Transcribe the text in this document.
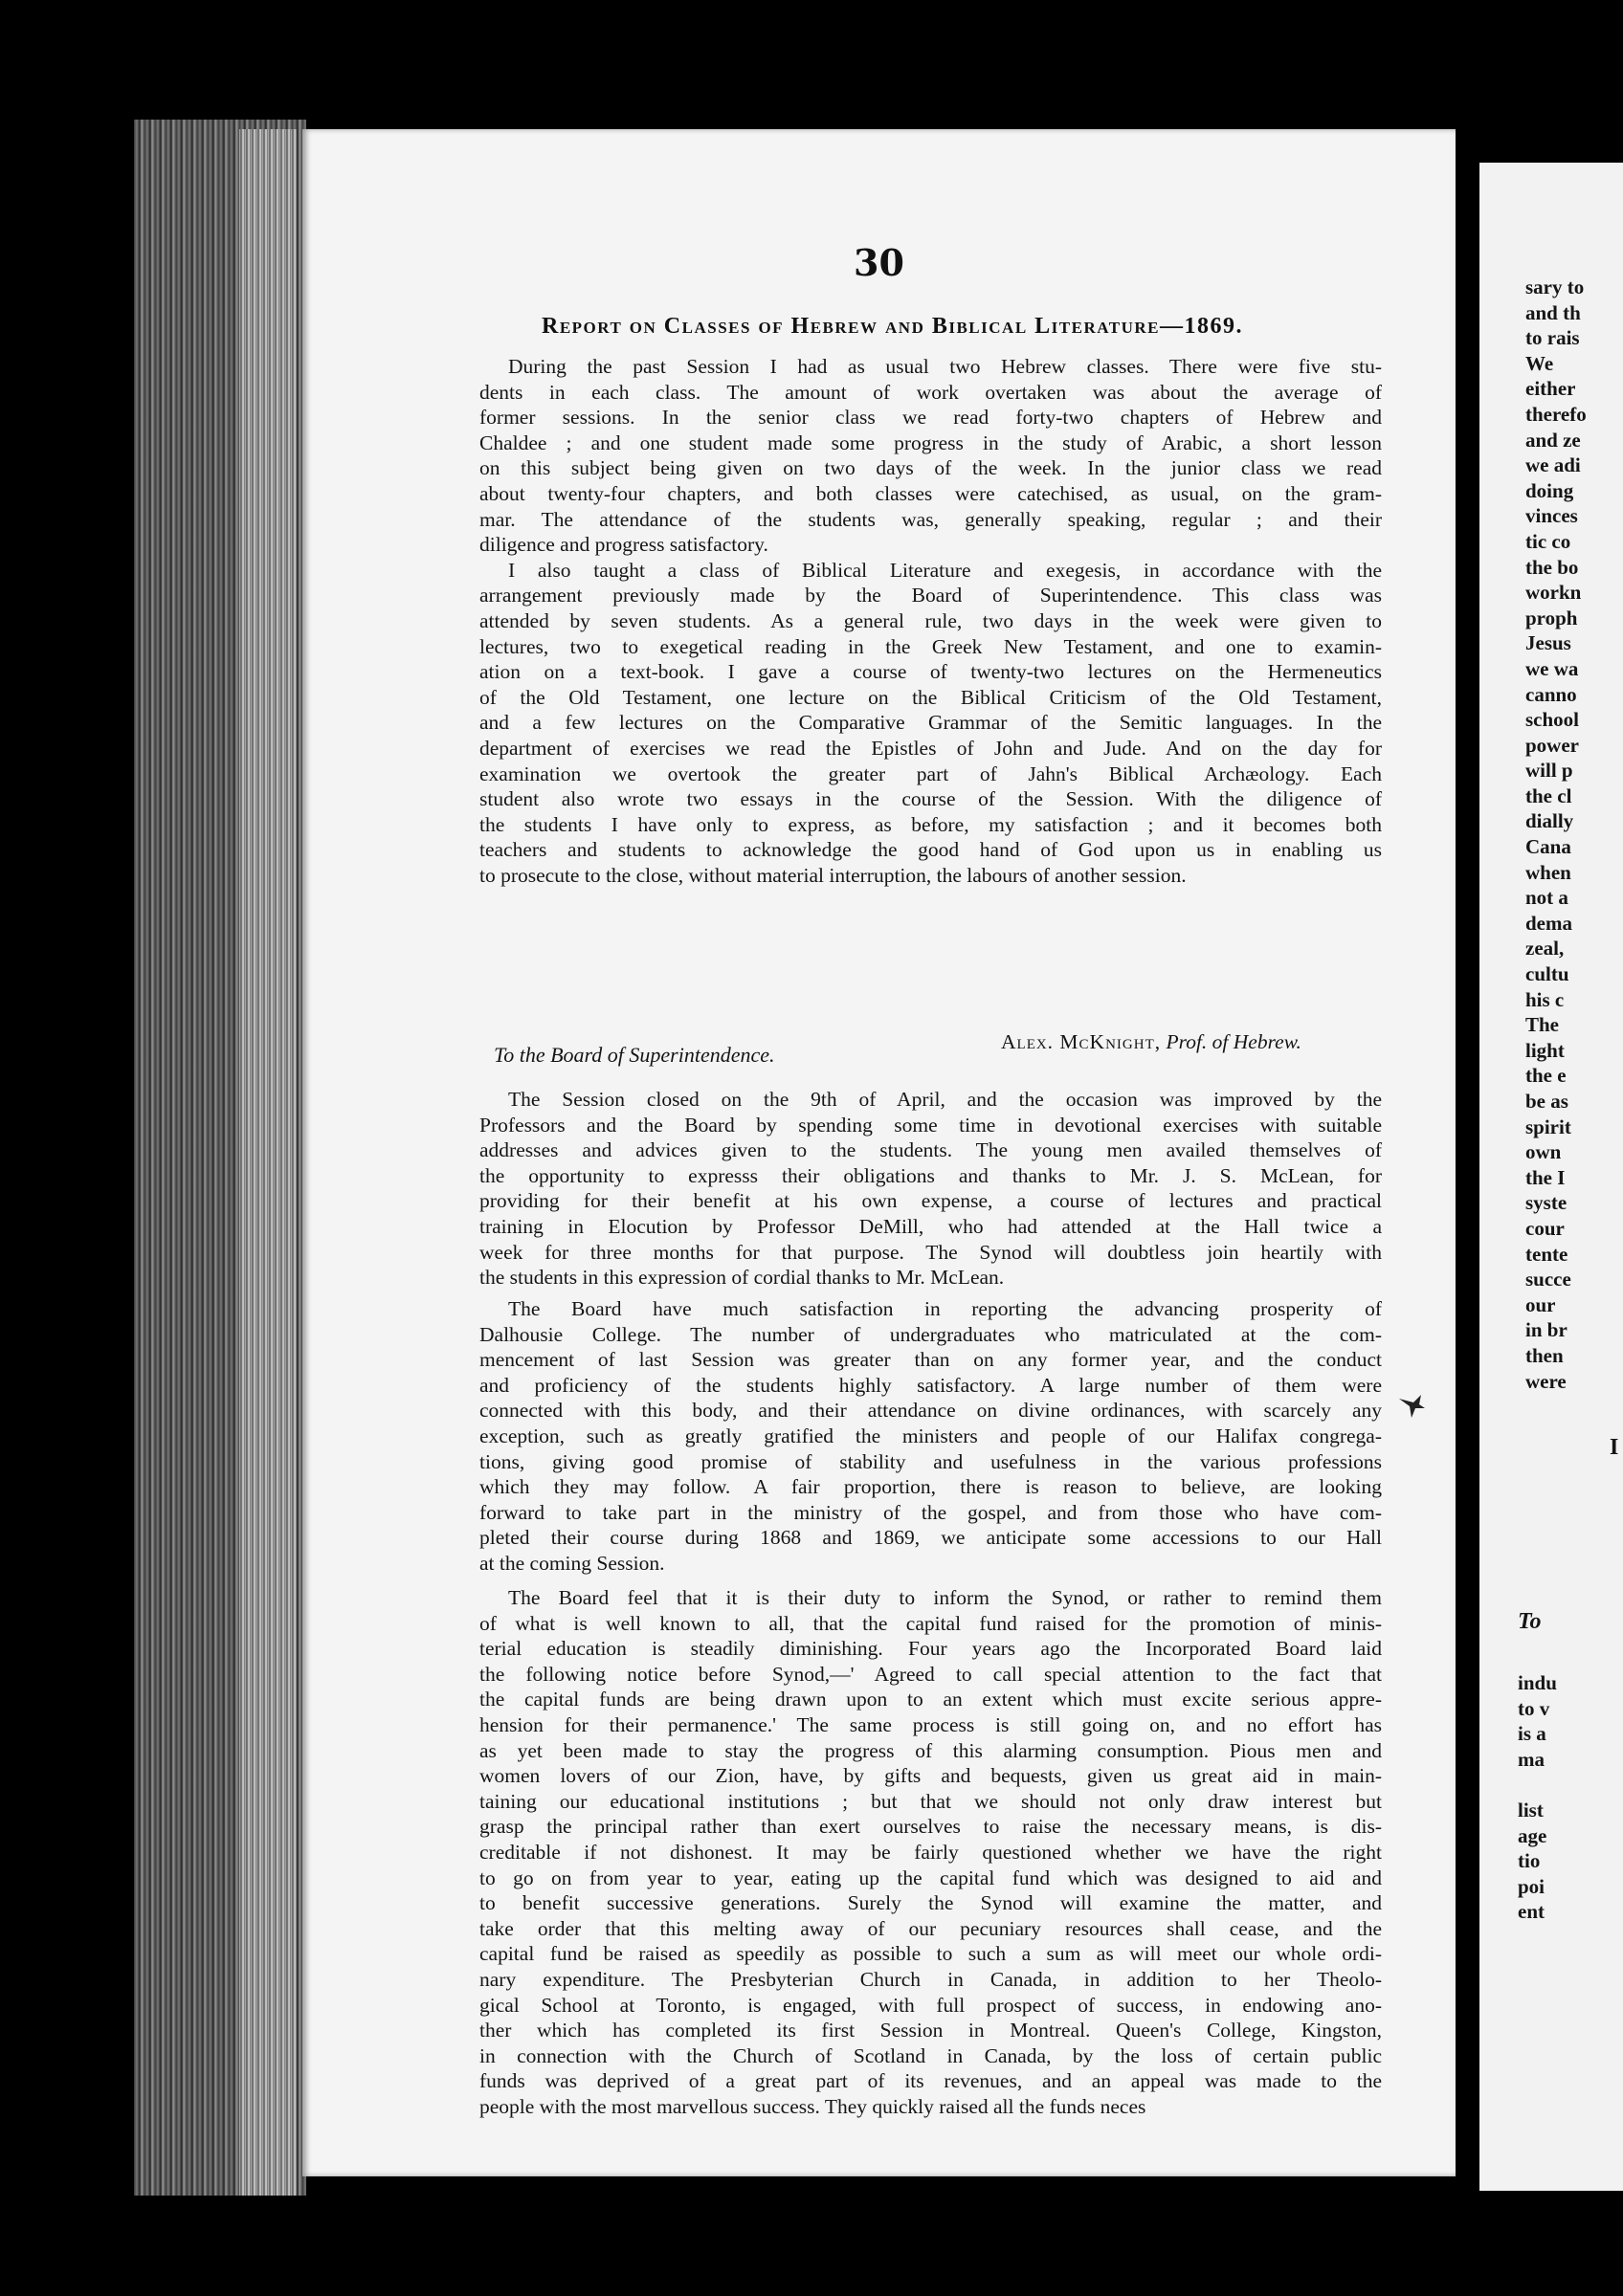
30
Report on Classes of Hebrew and Biblical Literature—1869.
During the past Session I had as usual two Hebrew classes. There were five stu-
dents in each class. The amount of work overtaken was about the average of
former sessions. In the senior class we read forty-two chapters of Hebrew and
Chaldee ; and one student made some progress in the study of Arabic, a short lesson
on this subject being given on two days of the week. In the junior class we read
about twenty-four chapters, and both classes were catechised, as usual, on the gram-
mar. The attendance of the students was, generally speaking, regular ; and their
diligence and progress satisfactory.
I also taught a class of Biblical Literature and exegesis, in accordance with the
arrangement previously made by the Board of Superintendence. This class was
attended by seven students. As a general rule, two days in the week were given to
lectures, two to exegetical reading in the Greek New Testament, and one to examin-
ation on a text-book. I gave a course of twenty-two lectures on the Hermeneutics
of the Old Testament, one lecture on the Biblical Criticism of the Old Testament,
and a few lectures on the Comparative Grammar of the Semitic languages. In the
department of exercises we read the Epistles of John and Jude. And on the day for
examination we overtook the greater part of Jahn's Biblical Archæology. Each
student also wrote two essays in the course of the Session. With the diligence of
the students I have only to express, as before, my satisfaction ; and it becomes both
teachers and students to acknowledge the good hand of God upon us in enabling us
to prosecute to the close, without material interruption, the labours of another session.
Alex. McKnight, Prof. of Hebrew.
To the Board of Superintendence.
The Session closed on the 9th of April, and the occasion was improved by the
Professors and the Board by spending some time in devotional exercises with suitable
addresses and advices given to the students. The young men availed themselves of
the opportunity to expresss their obligations and thanks to Mr. J. S. McLean, for
providing for their benefit at his own expense, a course of lectures and practical
training in Elocution by Professor DeMill, who had attended at the Hall twice a
week for three months for that purpose. The Synod will doubtless join heartily with
the students in this expression of cordial thanks to Mr. McLean.
The Board have much satisfaction in reporting the advancing prosperity of
Dalhousie College. The number of undergraduates who matriculated at the com-
mencement of last Session was greater than on any former year, and the conduct
and proficiency of the students highly satisfactory. A large number of them were
connected with this body, and their attendance on divine ordinances, with scarcely any
exception, such as greatly gratified the ministers and people of our Halifax congrega-
tions, giving good promise of stability and usefulness in the various professions
which they may follow. A fair proportion, there is reason to believe, are looking
forward to take part in the ministry of the gospel, and from those who have com-
pleted their course during 1868 and 1869, we anticipate some accessions to our Hall
at the coming Session.
The Board feel that it is their duty to inform the Synod, or rather to remind them
of what is well known to all, that the capital fund raised for the promotion of minis-
terial education is steadily diminishing. Four years ago the Incorporated Board laid
the following notice before Synod,—' Agreed to call special attention to the fact that
the capital funds are being drawn upon to an extent which must excite serious appre-
hension for their permanence.' The same process is still going on, and no effort has
as yet been made to stay the progress of this alarming consumption. Pious men and
women lovers of our Zion, have, by gifts and bequests, given us great aid in main-
taining our educational institutions ; but that we should not only draw interest but
grasp the principal rather than exert ourselves to raise the necessary means, is dis-
creditable if not dishonest. It may be fairly questioned whether we have the right
to go on from year to year, eating up the capital fund which was designed to aid and
to benefit successive generations. Surely the Synod will examine the matter, and
take order that this melting away of our pecuniary resources shall cease, and the
capital fund be raised as speedily as possible to such a sum as will meet our whole ordi-
nary expenditure. The Presbyterian Church in Canada, in addition to her Theolo-
gical School at Toronto, is engaged, with full prospect of success, in endowing ano-
ther which has completed its first Session in Montreal. Queen's College, Kingston,
in connection with the Church of Scotland in Canada, by the loss of certain public
funds was deprived of a great part of its revenues, and an appeal was made to the
people with the most marvellous success. They quickly raised all the funds neces
sary to
and th
to rais
We
either
therefo
and ze
we adi
doing
vinces
tic co
the bo
workn
proph
Jesus
we wa
canno
school
power
will p
the cl
dially
Cana
when
not a
dema
zeal,
cultu
his c
The
light
the e
be as
spirit
own
the I
syste
cour
tente
succe
our
in br
then
were
I
To
indu
to v
is a
ma
list
age
tio
poi
ent
